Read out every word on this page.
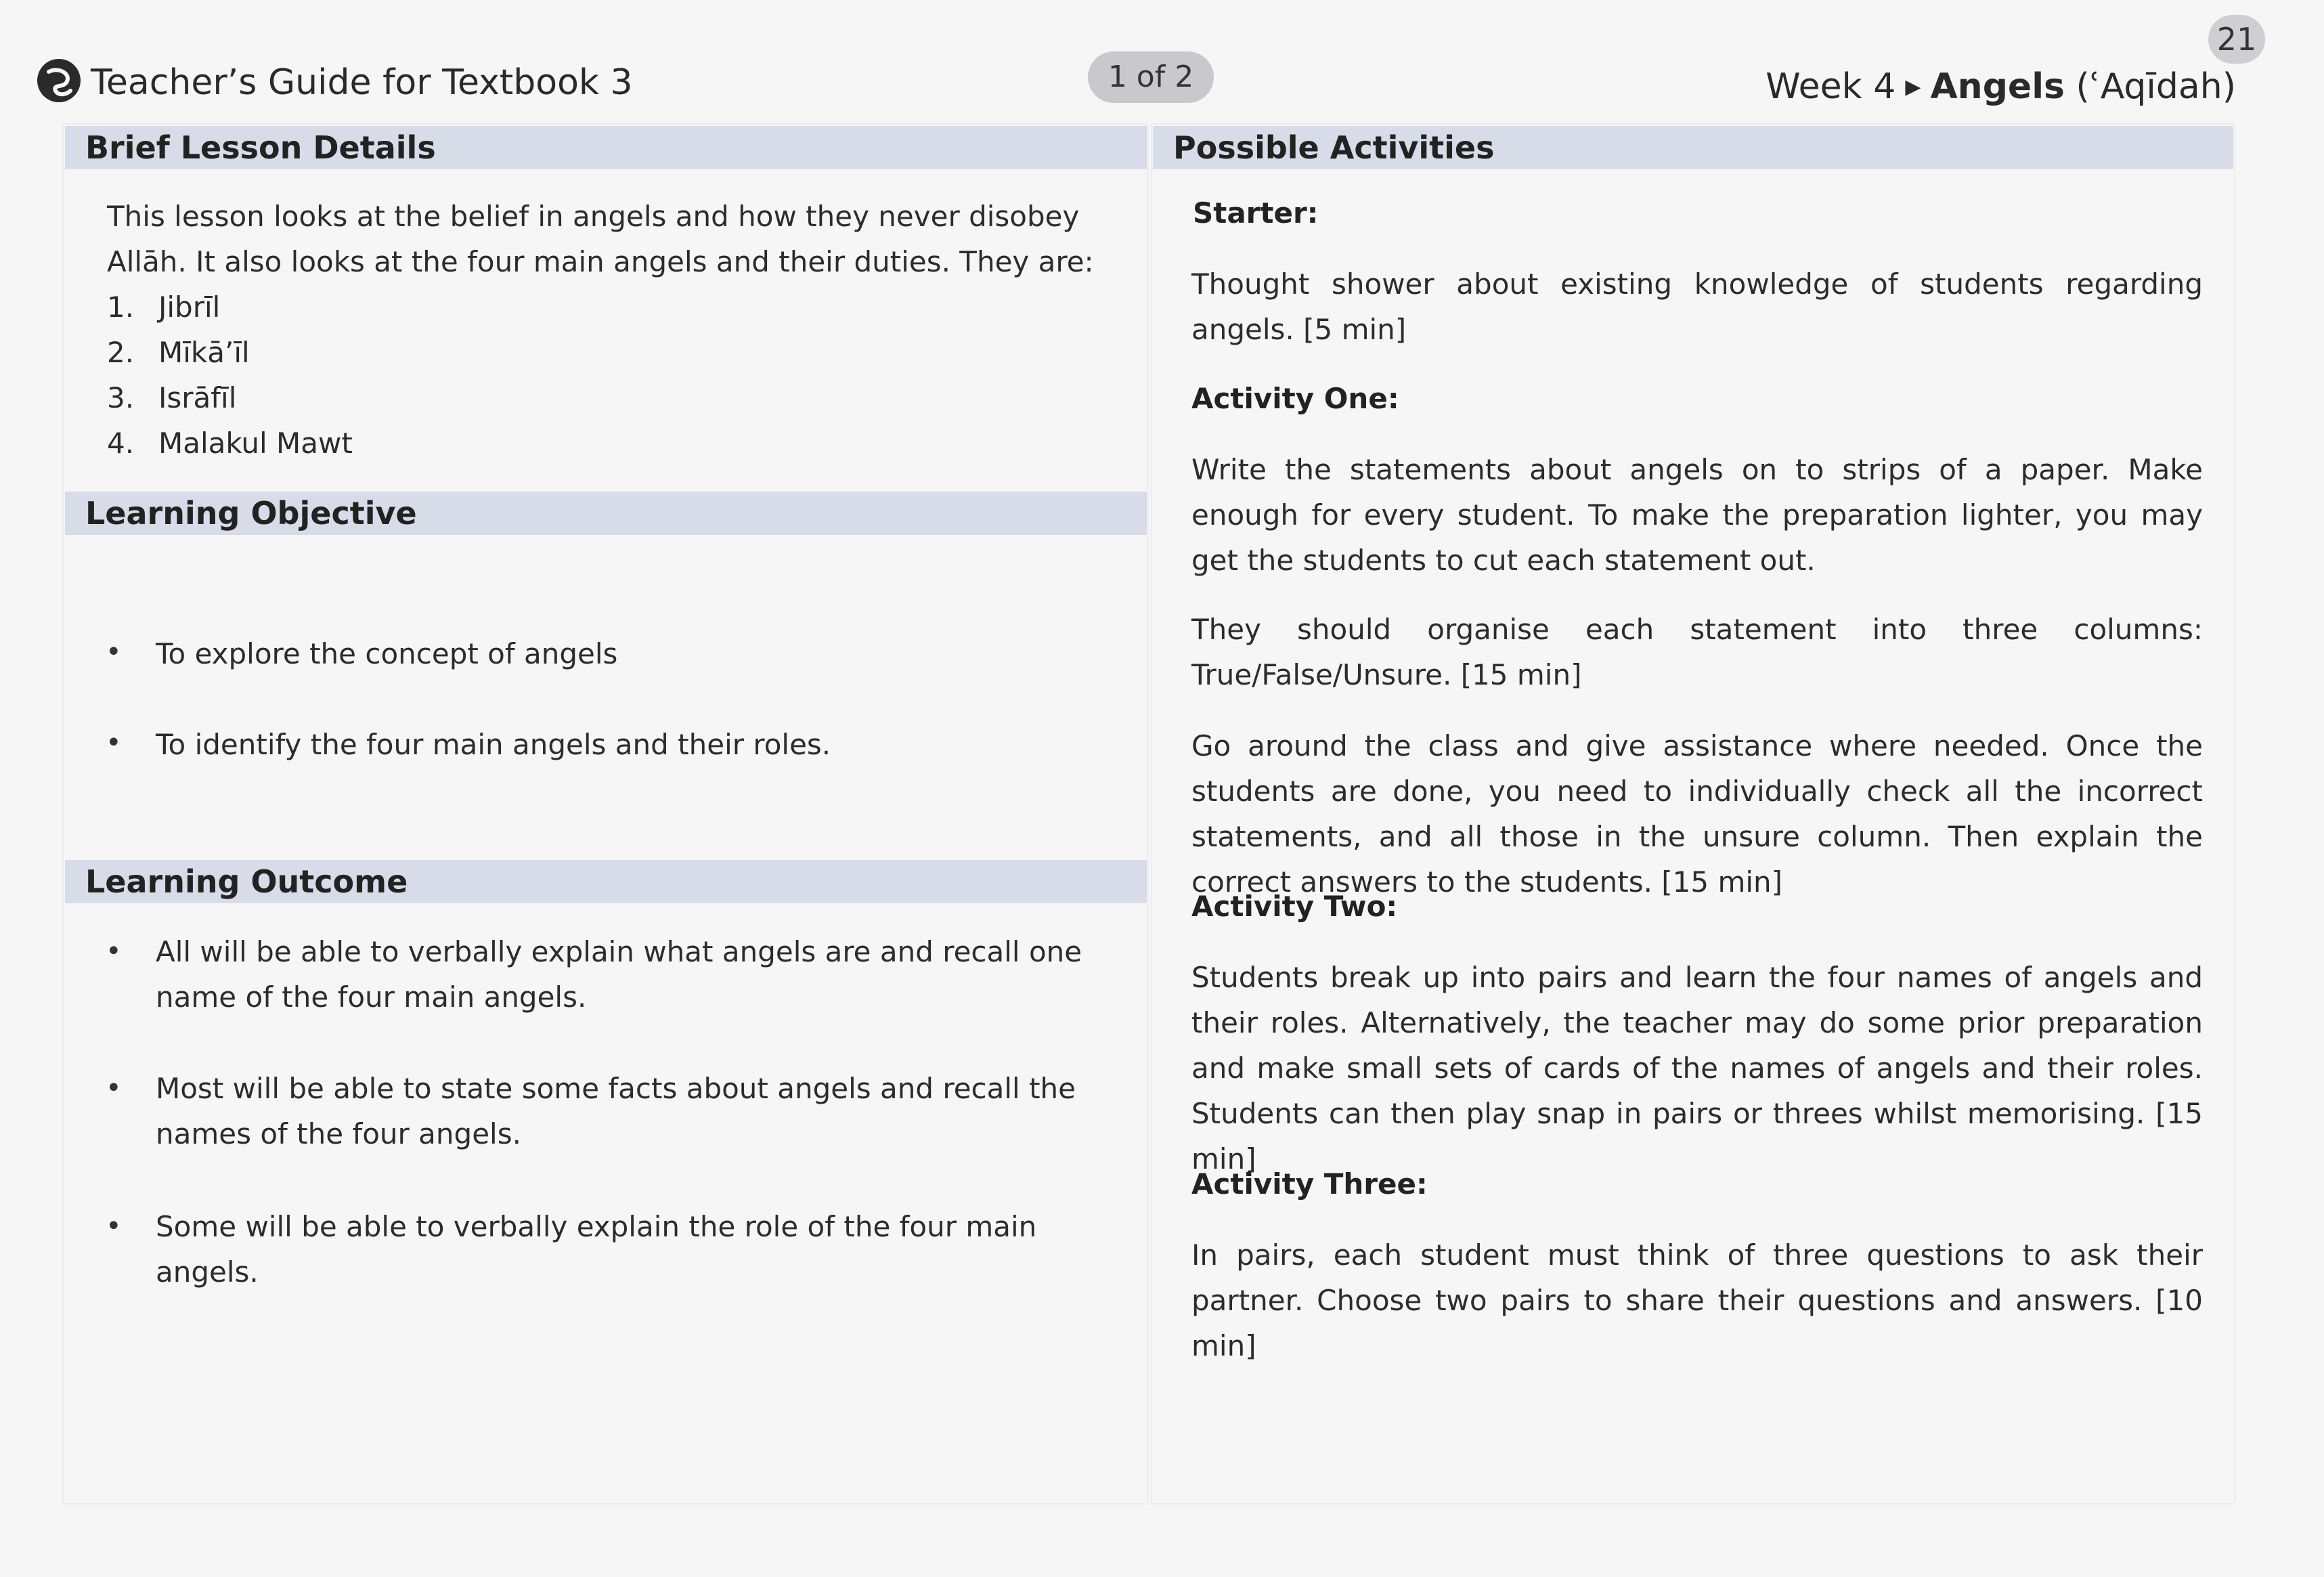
Teacher’s Guide for Textbook 3	1 of 2
21
Week 4 ▶ Angels (ʿAqīdah)
Brief Lesson Details
This lesson looks at the belief in angels and how they never disobey Allāh. It also looks at the four main angels and their duties. They are:
1. Jibrīl
2. Mīkā’īl
3. Isrāfīl
4. Malakul Mawt
Learning Objective
• To explore the concept of angels
• To identify the four main angels and their roles.
Learning Outcome
• All will be able to verbally explain what angels are and recall one name of the four main angels.
• Most will be able to state some facts about angels and recall the names of the four angels.
• Some will be able to verbally explain the role of the four main angels.
Possible Activities
Starter:
Thought shower about existing knowledge of students regarding angels. [5 min]
Activity One:
Write the statements about angels on to strips of a paper. Make enough for every student. To make the preparation lighter, you may get the students to cut each statement out.
They should organise each statement into three columns: True/False/Unsure. [15 min]
Go around the class and give assistance where needed. Once the students are done, you need to individually check all the incorrect statements, and all those in the unsure column. Then explain the correct answers to the students. [15 min]
Activity Two:
Students break up into pairs and learn the four names of angels and their roles. Alternatively, the teacher may do some prior preparation and make small sets of cards of the names of angels and their roles. Students can then play snap in pairs or threes whilst memorising. [15 min]
Activity Three:
In pairs, each student must think of three questions to ask their partner. Choose two pairs to share their questions and answers. [10 min]
